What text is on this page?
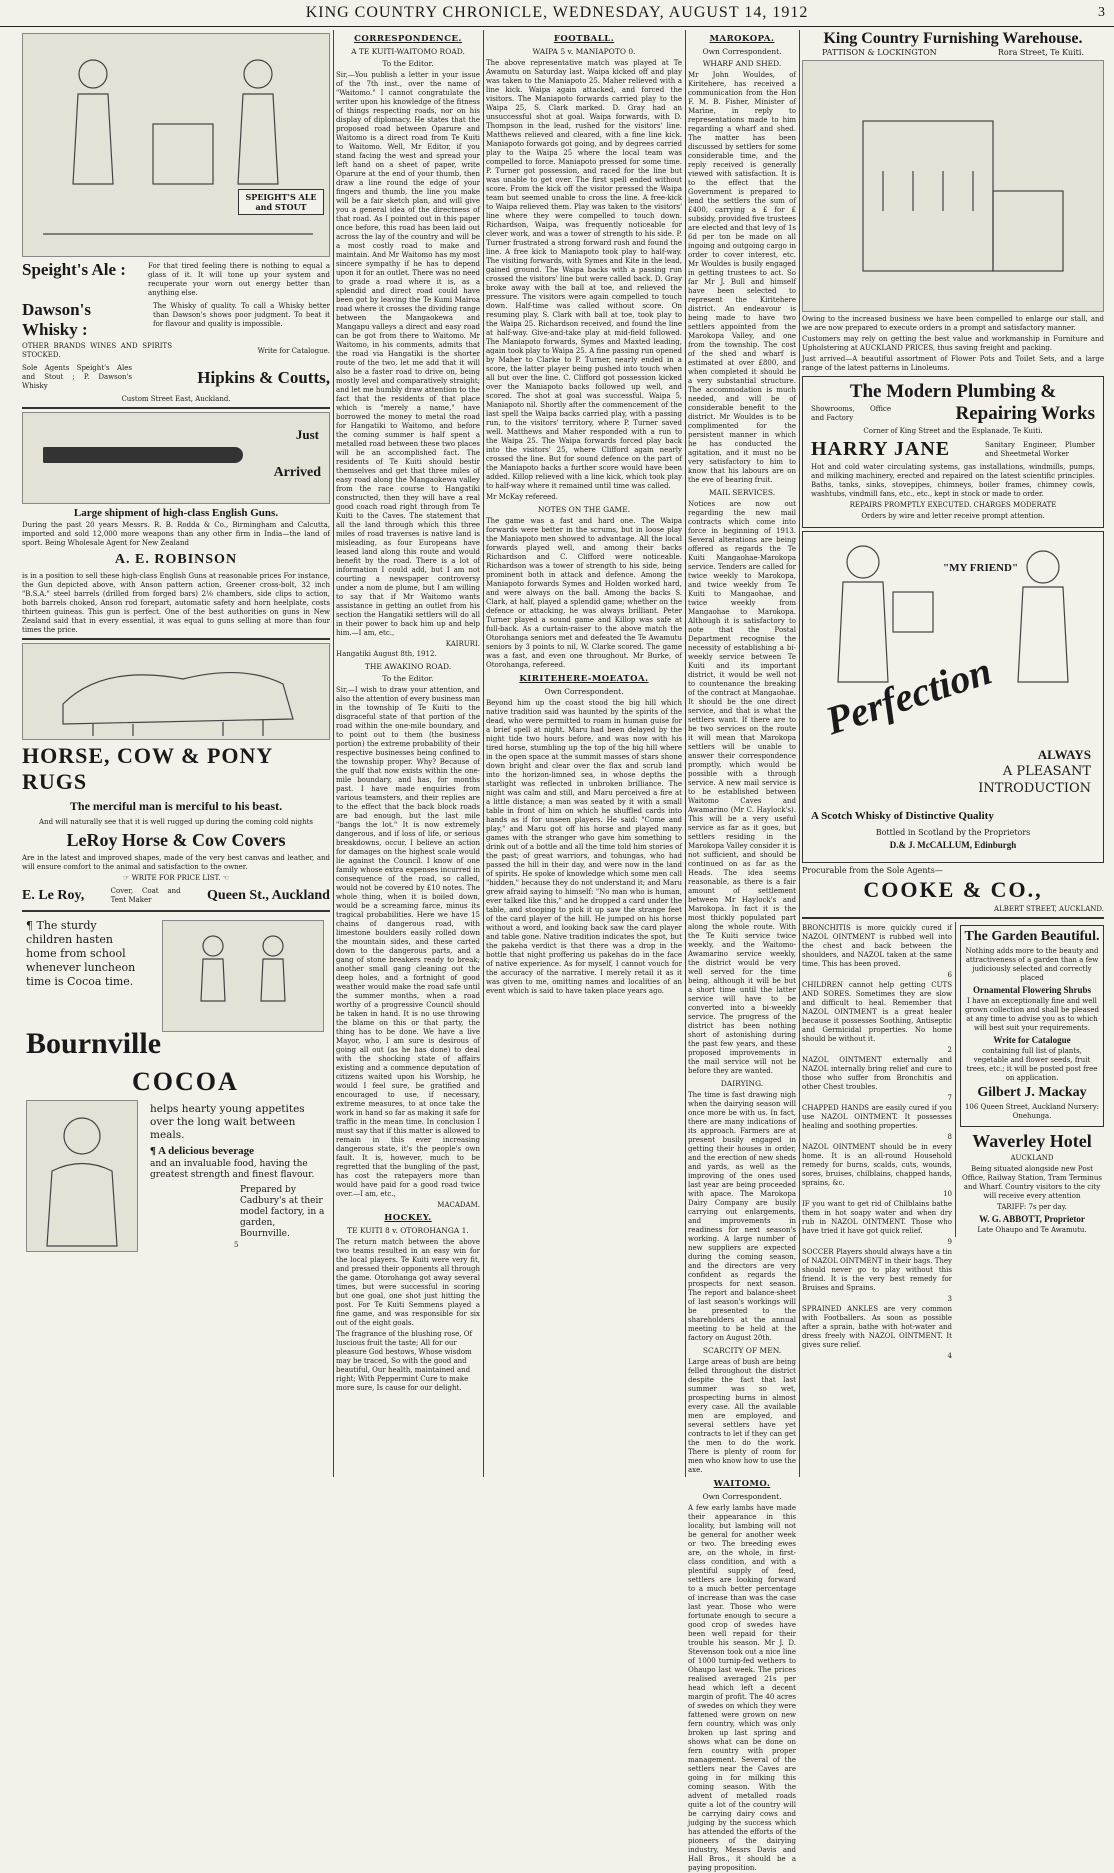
KING COUNTRY CHRONICLE, WEDNESDAY, AUGUST 14, 1912	3
SPEIGHT'S ALE and STOUT
Speight's Ale :	For that tired feeling there is nothing to equal a glass of it. It will tone up your system and recuperate your worn out energy better than anything else.
Dawson's Whisky :
The Whisky of quality. To call a Whisky better than Dawson's shows poor judgment. To beat it for flavour and quality is impossible.
OTHER BRANDS WINES AND SPIRITS STOCKED.
Write for Catalogue.
Sole Agents Speight's Ales and Stout ; P. Dawson's Whisky	Hipkins & Coutts,
Custom Street East, Auckland.
Just
Arrived
Large shipment of high-class English Guns.
During the past 20 years Messrs. R. B. Rodda & Co., Birmingham and Calcutta, imported and sold 12,000 more weapons than any other firm in India—the land of sport. Being Wholesale Agent for New Zealand
A. E. ROBINSON
is in a position to sell these high-class English Guns at reasonable prices For instance, the Gun depicted above, with Anson pattern action, Greener cross-bolt, 32 inch "B.S.A." steel barrels (drilled from forged bars) 2⅛ chambers, side clips to action, both barrels choked, Anson rod forepart, automatic safety and horn heelplate, costs thirteen guineas. This gun is perfect. One of the best authorities on guns in New Zealand said that in every essential, it was equal to guns selling at more than four times the price.
HORSE, COW & PONY RUGS
The merciful man is merciful to his beast.
And will naturally see that it is well rugged up during the coming cold nights
LeRoy Horse & Cow Covers
Are in the latest and improved shapes, made of the very best canvas and leather, and will ensure comfort to the animal and satisfaction to the owner.
☞ WRITE FOR PRICE LIST. ☜
E. Le Roy,	Cover, Coat and Tent Maker	Queen St., Auckland
¶ The sturdy children hasten home from school whenever luncheon time is Cocoa time.
Bournville
COCOA
helps hearty young appetites over the long wait between meals.
¶ A delicious beverage
and an invaluable food, having the greatest strength and finest flavour.
Prepared by Cadbury's at their model factory, in a garden, Bournville.
5
CORRESPONDENCE.
A TE KUITI-WAITOMO ROAD.
To the Editor.
Sir,—You publish a letter in your issue of the 7th inst., over the name of "Waitomo." I cannot congratulate the writer upon his knowledge of the fitness of things respecting roads, nor on his display of diplomacy. He states that the proposed road between Oparure and Waitomo is a direct road from Te Kuiti to Waitomo. Well, Mr Editor, if you stand facing the west and spread your left hand on a sheet of paper, write Oparure at the end of your thumb, then draw a line round the edge of your fingers and thumb, the line you make will be a fair sketch plan, and will give you a general idea of the directness of that road. As I pointed out in this paper once before, this road has been laid out across the lay of the country and will be a most costly road to make and maintain. And Mr Waitomo has my most sincere sympathy if he has to depend upon it for an outlet. There was no need to grade a road where it is, as a splendid and direct road could have been got by leaving the Te Kumi Mairoa road where it crosses the dividing range between the Mangaokewa and Mangapu valleys a direct and easy road can be got from there to Waitomo. Mr Waitomo, in his comments, admits that the road via Hangatiki is the shorter route of the two, let me add that it will also be a faster road to drive on, being mostly level and comparatively straight; and let me humbly draw attention to the fact that the residents of that place which is "merely a name," have borrowed the money to metal the road for Hangatiki to Waitomo, and before the coming summer is half spent a metalled road between these two places will be an accomplished fact. The residents of Te Kuiti should bestir themselves and get that three miles of easy road along the Mangaokewa valley from the race course to Hangatiki constructed, then they will have a real good coach road right through from Te Kuiti to the Caves. The statement that all the land through which this three miles of road traverses is native land is misleading, as four Europeans have leased land along this route and would benefit by the road. There is a lot of information I could add, but I am not courting a newspaper controversy under a nom de plume, but I am willing to say that if Mr Waitomo wants assistance in getting an outlet from his section the Hangatiki settlers will do all in their power to back him up and help him.—I am, etc.,
KAIRURI.
Hangatiki August 8th, 1912.
THE AWAKINO ROAD.
To the Editor.
Sir,—I wish to draw your attention, and also the attention of every business man in the township of Te Kuiti to the disgraceful state of that portion of the road within the one-mile boundary, and to point out to them (the business portion) the extreme probability of their respective businesses being confined to the township proper. Why? Because of the gulf that now exists within the one-mile boundary, and has, for months past. I have made enquiries from various teamsters, and their replies are to the effect that the back block roads are bad enough, but the last mile "bangs the lot." It is now extremely dangerous, and if loss of life, or serious breakdowns, occur, I believe an action for damages on the highest scale would lie against the Council. I know of one family whose extra expenses incurred in consequence of the road, so called, would not be covered by £10 notes. The whole thing, when it is boiled down, would be a screaming farce, minus its tragical probabilities. Here we have 15 chains of dangerous road, with limestone boulders easily rolled down the mountain sides, and these carted down to the dangerous parts, and a gang of stone breakers ready to break; another small gang cleaning out the deep holes, and a fortnight of good weather would make the road safe until the summer months, when a road worthy of a progressive Council should be taken in hand. It is no use throwing the blame on this or that party, the thing has to be done. We have a live Mayor, who, I am sure is desirous of going all out (as he has done) to deal with the shocking state of affairs existing and a commence deputation of citizens waited upon his Worship, he would I feel sure, be gratified and encouraged to use, if necessary, extreme measures, to at once take the work in hand so far as making it safe for traffic in the mean time. In conclusion I must say that if this matter is allowed to remain in this ever increasing dangerous state, it's the people's own fault. It is, however, much to be regretted that the bungling of the past, has cost the ratepayers more than would have paid for a good road twice over.—I am, etc.,
MACADAM.
HOCKEY.
TE KUITI 8 v. OTOROHANGA 1.
The return match between the above two teams resulted in an easy win for the local players. Te Kuiti were very fit, and pressed their opponents all through the game. Otorohanga got away several times, but were successful in scoring but one goal, one shot just hitting the post. For Te Kuiti Semmens played a fine game, and was responsible for six out of the eight goals.
The fragrance of the blushing rose, Of luscious fruit the taste; All for our pleasure God bestows, Whose wisdom may be traced, So with the good and beautiful, Our health, maintained and right; With Peppermint Cure to make more sure, Is cause for our delight.
FOOTBALL.
WAIPA 5 v. MANIAPOTO 0.
The above representative match was played at Te Awamutu on Saturday last. Waipa kicked off and play was taken to the Maniapoto 25. Maher relieved with a line kick. Waipa again attacked, and forced the visitors. The Maniapoto forwards carried play to the Waipa 25, S. Clark marked. D. Gray had an unsuccessful shot at goal. Waipa forwards, with D. Thompson in the lead, rushed for the visitors' line. Matthews relieved and cleared, with a fine line kick. Maniapoto forwards got going, and by degrees carried play to the Waipa 25 where the local team was compelled to force. Maniapoto pressed for some time. P. Turner got possession, and raced for the line but was unable to get over. The first spell ended without score. From the kick off the visitor pressed the Waipa team but seemed unable to cross the line. A free-kick to Waipa relieved them. Play was taken to the visitors' line where they were compelled to touch down. Richardson, Waipa, was frequently noticeable for clever work, and was a tower of strength to his side. P. Turner frustrated a strong forward rush and found the line. A free kick to Maniapoto took play to half-way. The visiting forwards, with Symes and Kite in the lead, gained ground. The Waipa backs with a passing run crossed the visitors' line but were called back. D. Gray broke away with the ball at toe, and relieved the pressure. The visitors were again compelled to touch down. Half-time was called without score. On resuming play, S. Clark with ball at toe, took play to the Waipa 25. Richardson received, and found the line at half-way. Give-and-take play at mid-field followed. The Maniapoto forwards, Symes and Maxted leading, again took play to Waipa 25. A fine passing run opened by Maher to Clarke to P. Turner, nearly ended in a score, the latter player being pushed into touch when all but over the line. C. Clifford got possession kicked over the Maniapoto backs followed up well, and scored. The shot at goal was successful. Waipa 5, Maniapoto nil. Shortly after the commencement of the last spell the Waipa backs carried play, with a passing run, to the visitors' territory, where P. Turner saved well. Matthews and Maher responded with a run to the Waipa 25. The Waipa forwards forced play back into the visitors' 25, where Clifford again nearly crossed the line. But for sound defence on the part of the Maniapoto backs a further score would have been added. Killop relieved with a line kick, which took play to half-way where it remained until time was called.
Mr McKay refereed.
NOTES ON THE GAME.
The game was a fast and hard one. The Waipa forwards were better in the scrums, but in loose play the Maniapoto men showed to advantage. All the local forwards played well, and among their backs Richardson and C. Clifford were noticeable. Richardson was a tower of strength to his side, being prominent both in attack and defence. Among the Maniapoto forwards Symes and Holden worked hard, and were always on the ball. Among the backs S. Clark, at half, played a splendid game; whether on the defence or attacking, he was always brilliant. Peter Turner played a sound game and Killop was safe at full-back. As a curtain-raiser to the above match the Otorohanga seniors met and defeated the Te Awamutu seniors by 3 points to nil, W. Clarke scored. The game was a fast, and even one throughout. Mr Burke, of Otorohanga, refereed.
KIRITEHERE-MOEATOA.
Own Correspondent.
Beyond him up the coast stood the big hill which native tradition said was haunted by the spirits of the dead, who were permitted to roam in human guise for a brief spell at night. Maru had been delayed by the night tide two hours before, and was now with his tired horse, stumbling up the top of the big hill where in the open space at the summit masses of stars shone down bright and clear over the flax and scrub land into the horizon-limned sea, in whose depths the starlight was reflected in unbroken brilliance. The night was calm and still, and Maru perceived a fire at a little distance; a man was seated by it with a small table in front of him on which he shuffled cards into hands as if for unseen players. He said: "Come and play," and Maru got off his horse and played many games with the stranger who gave him something to drink out of a bottle and all the time told him stories of the past; of great warriors, and tohungas, who had passed the hill in their day, and were now in the land of spirits. He spoke of knowledge which some men call "hidden," because they do not understand it; and Maru grew afraid saying to himself: "No man who is human, ever talked like this," and he dropped a card under the table, and stooping to pick it up saw the strange feet of the card player of the hill. He jumped on his horse without a word, and looking back saw the card player and table gone. Native tradition indicates the spot, but the pakeha verdict is that there was a drop in the bottle that night proffering us pakehas do in the face of native experience. As for myself, I cannot vouch for the accuracy of the narrative. I merely retail it as it was given to me, omitting names and localities of an event which is said to have taken place years ago.
MAROKOPA.
Own Correspondent.
WHARF AND SHED.
Mr John Wouldes, of Kiritehere, has received a communication from the Hon F. M. B. Fisher, Minister of Marine, in reply to representations made to him regarding a wharf and shed. The matter has been discussed by settlers for some considerable time, and the reply received is generally viewed with satisfaction. It is to the effect that the Government is prepared to lend the settlers the sum of £400, carrying a £ for £ subsidy, provided five trustees are elected and that levy of 1s 6d per ton be made on all ingoing and outgoing cargo in order to cover interest, etc. Mr Wouldes is busily engaged in getting trustees to act. So far Mr J. Bull and himself have been selected to represent the Kiritehere district. An endeavour is being made to have two settlers appointed from the Marokopa Valley, and one from the township. The cost of the shed and wharf is estimated at over £800, and when completed it should be a very substantial structure. The accommodation is much needed, and will be of considerable benefit to the district. Mr Wouldes is to be complimented for the persistent manner in which he has conducted the agitation, and it must no be very satisfactory to him to know that his labours are on the eve of bearing fruit.
MAIL SERVICES.
Notices are now out regarding the new mail contracts which come into force in beginning of 1913. Several alterations are being offered as regards the Te Kuiti Mangaohae-Marokopa service. Tenders are called for twice weekly to Marokopa, and twice weekly from Te Kuiti to Mangaohae, and twice weekly from Mangaohae to Marokopa. Although it is satisfactory to note that the Postal Department recognise the necessity of establishing a bi-weekly service between Te Kuiti and its important district, it would be well not to countenance the breaking of the contract at Mangaohae. It should be the one direct service, and that is what the settlers want. If there are to be two services on the route it will mean that Marokopa settlers will be unable to answer their correspondence promptly, which would be possible with a through service. A new mail service is to be established between Waitomo Caves and Awamarino (Mr C. Haylock's). This will be a very useful service as far as it goes, but settlers residing in the Marokopa Valley consider it is not sufficient, and should be continued on as far as the Heads. The idea seems reasonable, as there is a fair amount of settlement between Mr Haylock's and Marokopa. In fact it is the most thickly populated part along the whole route. With the Te Kuiti service twice weekly, and the Waitomo-Awamarino service weekly, the district would be very well served for the time being, although it will be but a short time until the latter service will have to be converted into a bi-weekly service. The progress of the district has been nothing short of astonishing during the past few years, and these proposed improvements in the mail service will not be before they are wanted.
DAIRYING.
The time is fast drawing nigh when the dairying season will once more be with us. In fact, there are many indications of its approach. Farmers are at present busily engaged in getting their houses in order, and the erection of new sheds and yards, as well as the improving of the ones used last year are being proceeded with apace. The Marokopa Dairy Company are busily carrying out enlargements, and improvements in readiness for next season's working. A large number of new suppliers are expected during the coming season, and the directors are very confident as regards the prospects for next season. The report and balance-sheet of last season's workings will be presented to the shareholders at the annual meeting to be held at the factory on August 20th.
SCARCITY OF MEN.
Large areas of bush are being felled throughout the district despite the fact that last summer was so wet, prospecting burns in almost every case. All the available men are employed, and several settlers have yet contracts to let if they can get the men to do the work. There is plenty of room for men who know how to use the axe.
WAITOMO.
Own Correspondent.
A few early lambs have made their appearance in this locality, but lambing will not be general for another week or two. The breeding ewes are, on the whole, in first-class condition, and with a plentiful supply of feed, settlers are looking forward to a much better percentage of increase than was the case last year. Those who were fortunate enough to secure a good crop of swedes have been well repaid for their trouble his season. Mr J. D. Stevenson took out a nice line of 1000 turnip-fed wethers to Ohaupo last week. The prices realised averaged 21s per head which left a decent margin of profit. The 40 acres of swedes on which they were fattened were grown on new fern country, which was only broken up last spring and shows what can be done on fern country with proper management. Several of the settlers near the Caves are going in for milking this coming season. With the advent of metalled roads quite a lot of the country will be carrying dairy cows and judging by the success which has attended the efforts of the pioneers of the dairying industry, Messrs Davis and Hall Bros., it should be a paying proposition.
King Country Furnishing Warehouse.
PATTISON & LOCKINGTON	Rora Street, Te Kuiti.
Owing to the increased business we have been compelled to enlarge our stall, and we are now prepared to execute orders in a prompt and satisfactory manner.
Customers may rely on getting the best value and workmanship in Furniture and Upholstering at AUCKLAND PRICES, thus saving freight and packing.
Just arrived—A beautiful assortment of Flower Pots and Toilet Sets, and a large range of the latest patterns in Linoleums.
The Modern Plumbing &
Showrooms, Office and Factory	Repairing Works
Corner of King Street and the Esplanade, Te Kuiti.
HARRY JANE	Sanitary Engineer, Plumber and Sheetmetal Worker
Hot and cold water circulating systems, gas installations, windmills, pumps, and milking machinery, erected and repaired on the latest scientific principles. Baths, tanks, sinks, stovepipes, chimneys, boiler frames, chimney cowls, washtubs, vindmill fans, etc., etc., kept in stock or made to order.
REPAIRS PROMPTLY EXECUTED. CHARGES MODERATE
Orders by wire and letter receive prompt attention.
"MY FRIEND"
Perfection
ALWAYS
A PLEASANT
INTRODUCTION
A Scotch Whisky of Distinctive Quality
Bottled in Scotland by the Proprietors
D.& J. McCALLUM, Edinburgh
Procurable from the Sole Agents—
COOKE & CO.,
ALBERT STREET, AUCKLAND.
BRONCHITIS is more quickly cured if NAZOL OINTMENT is rubbed well into the chest and back between the shoulders, and NAZOL taken at the same time. This has been proved.
6
CHILDREN cannot help getting CUTS AND SORES. Sometimes they are slow and difficult to heal. Remember that NAZOL OINTMENT is a great healer because it possesses Soothing, Antiseptic and Germicidal properties. No home should be without it.
2
NAZOL OINTMENT externally and NAZOL internally bring relief and cure to those who suffer from Bronchitis and other Chest troubles.
7
CHAPPED HANDS are easily cured if you use NAZOL OINTMENT. It possesses healing and soothing properties.
8
NAZOL OINTMENT should be in every home. It is an all-round Household remedy for burns, scalds, cuts, wounds, sores, bruises, chilblains, chapped hands, sprains, &c.
10
IF you want to get rid of Chilblains bathe them in hot soapy water and when dry rub in NAZOL OINTMENT. Those who have tried it have got quick relief.
9
SOCCER Players should always have a tin of NAZOL OINTMENT in their bags. They should never go to play without this friend. It is the very best remedy for Bruises and Sprains.
3
SPRAINED ANKLES are very common with Footballers. As soon as possible after a sprain, bathe with hot-water and dress freely with NAZOL OINTMENT. It gives sure relief.
4
The Garden Beautiful.
Nothing adds more to the beauty and attractiveness of a garden than a few judiciously selected and correctly placed
Ornamental Flowering Shrubs
I have an exceptionally fine and well grown collection and shall be pleased at any time to advise you as to which will best suit your requirements.
Write for Catalogue
containing full list of plants, vegetable and flower seeds, fruit trees, etc.; it will be posted post free on application.
Gilbert J. Mackay
106 Queen Street, Auckland Nursery: Onehunga.
Waverley Hotel
AUCKLAND
Being situated alongside new Post Office, Railway Station, Tram Terminus and Wharf. Country visitors to the city will receive every attention
TARIFF: 7s per day.
W. G. ABBOTT, Proprietor
Late Ohaupo and Te Awamutu.
